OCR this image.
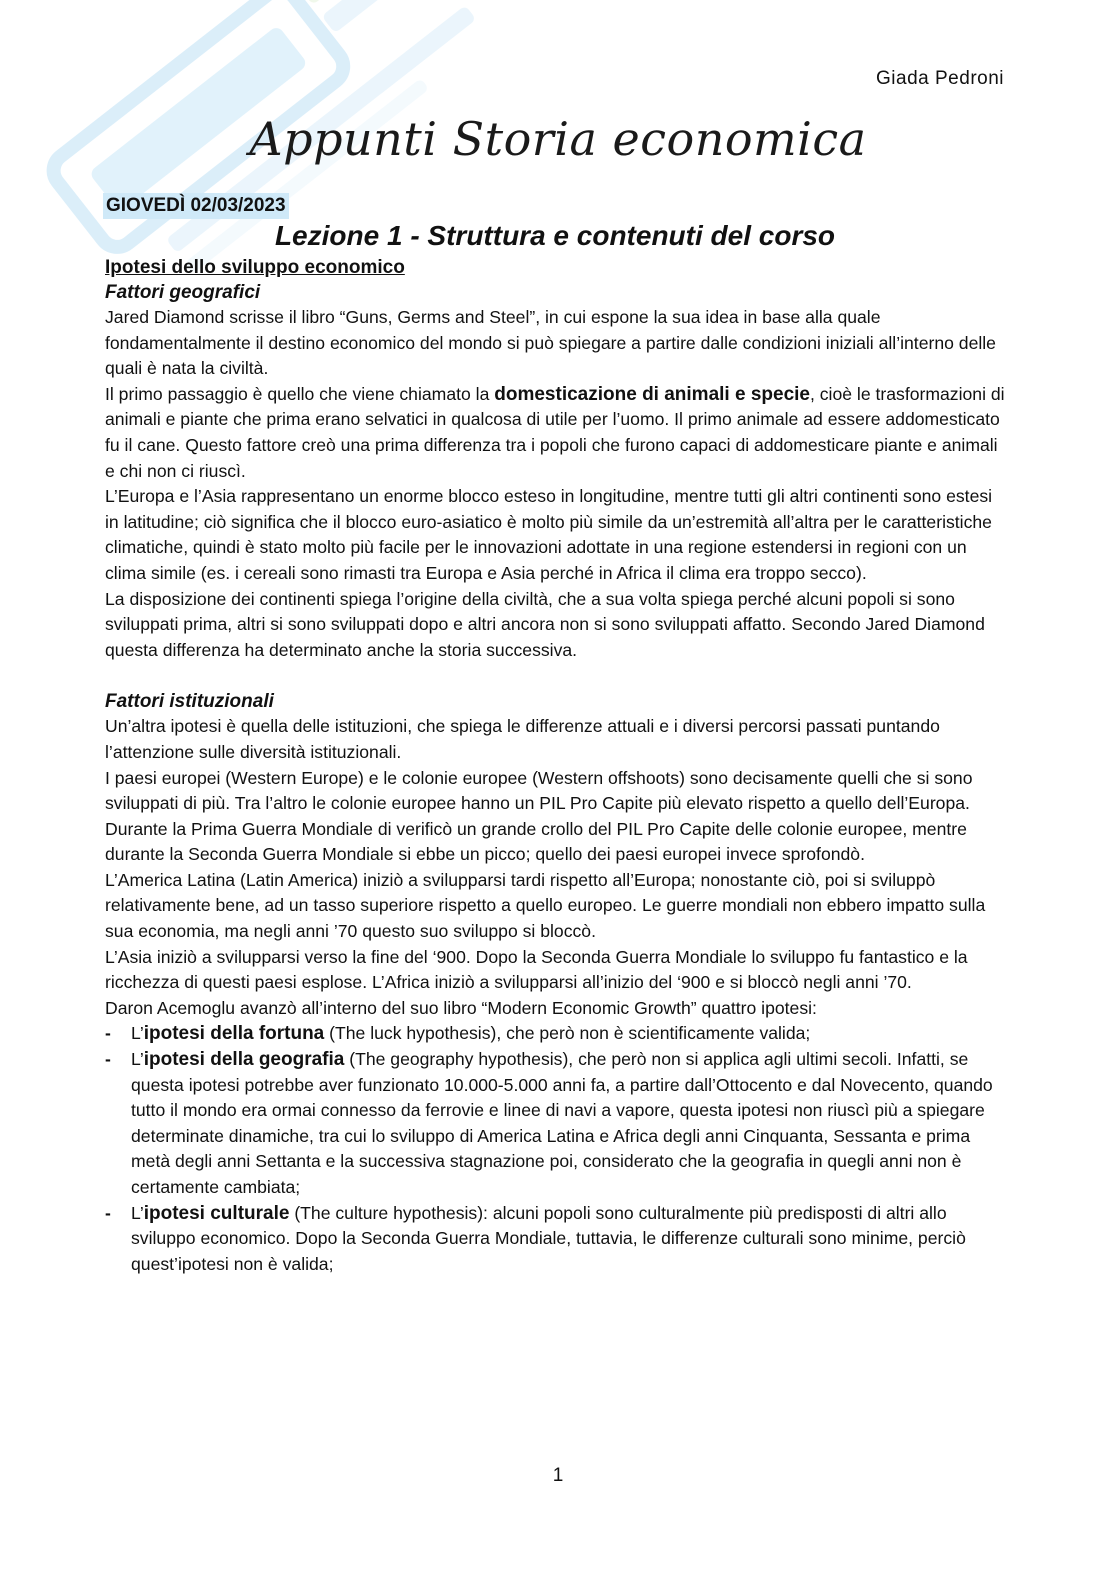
Giada Pedroni
Appunti Storia economica
GIOVEDÌ 02/03/2023
Lezione 1 - Struttura e contenuti del corso
Ipotesi dello sviluppo economico
Fattori geografici

Jared Diamond scrisse il libro “Guns, Germs and Steel”, in cui espone la sua idea in base alla quale fondamentalmente il destino economico del mondo si può spiegare a partire dalle condizioni iniziali all’interno delle quali è nata la civiltà.

Il primo passaggio è quello che viene chiamato la domesticazione di animali e specie, cioè le trasformazioni di animali e piante che prima erano selvatici in qualcosa di utile per l’uomo. Il primo animale ad essere addomesticato fu il cane. Questo fattore creò una prima differenza tra i popoli che furono capaci di addomesticare piante e animali e chi non ci riuscì.

L’Europa e l’Asia rappresentano un enorme blocco esteso in longitudine, mentre tutti gli altri continenti sono estesi in latitudine; ciò significa che il blocco euro-asiatico è molto più simile da un’estremità all’altra per le caratteristiche climatiche, quindi è stato molto più facile per le innovazioni adottate in una regione estendersi in regioni con un clima simile (es. i cereali sono rimasti tra Europa e Asia perché in Africa il clima era troppo secco).

La disposizione dei continenti spiega l’origine della civiltà, che a sua volta spiega perché alcuni popoli si sono sviluppati prima, altri si sono sviluppati dopo e altri ancora non si sono sviluppati affatto. Secondo Jared Diamond questa differenza ha determinato anche la storia successiva.

Fattori istituzionali

Un’altra ipotesi è quella delle istituzioni, che spiega le differenze attuali e i diversi percorsi passati puntando l’attenzione sulle diversità istituzionali.

I paesi europei (Western Europe) e le colonie europee (Western offshoots) sono decisamente quelli che si sono sviluppati di più. Tra l’altro le colonie europee hanno un PIL Pro Capite più elevato rispetto a quello dell’Europa. Durante la Prima Guerra Mondiale di verificò un grande crollo del PIL Pro Capite delle colonie europee, mentre durante la Seconda Guerra Mondiale si ebbe un picco; quello dei paesi europei invece sprofondò.

L’America Latina (Latin America) iniziò a svilupparsi tardi rispetto all’Europa; nonostante ciò, poi si sviluppò relativamente bene, ad un tasso superiore rispetto a quello europeo. Le guerre mondiali non ebbero impatto sulla sua economia, ma negli anni ’70 questo suo sviluppo si bloccò.

L’Asia iniziò a svilupparsi verso la fine del ‘900. Dopo la Seconda Guerra Mondiale lo sviluppo fu fantastico e la ricchezza di questi paesi esplose. L’Africa iniziò a svilupparsi all’inizio del ‘900 e si bloccò negli anni ’70.

Daron Acemoglu avanzò all’interno del suo libro “Modern Economic Growth” quattro ipotesi:

- L’ipotesi della fortuna (The luck hypothesis), che però non è scientificamente valida;
- L’ipotesi della geografia (The geography hypothesis), che però non si applica agli ultimi secoli. Infatti, se questa ipotesi potrebbe aver funzionato 10.000-5.000 anni fa, a partire dall’Ottocento e dal Novecento, quando tutto il mondo era ormai connesso da ferrovie e linee di navi a vapore, questa ipotesi non riuscì più a spiegare determinate dinamiche, tra cui lo sviluppo di America Latina e Africa degli anni Cinquanta, Sessanta e prima metà degli anni Settanta e la successiva stagnazione poi, considerato che la geografia in quegli anni non è certamente cambiata;
- L’ipotesi culturale (The culture hypothesis): alcuni popoli sono culturalmente più predisposti di altri allo sviluppo economico. Dopo la Seconda Guerra Mondiale, tuttavia, le differenze culturali sono minime, perciò quest’ipotesi non è valida;
1
